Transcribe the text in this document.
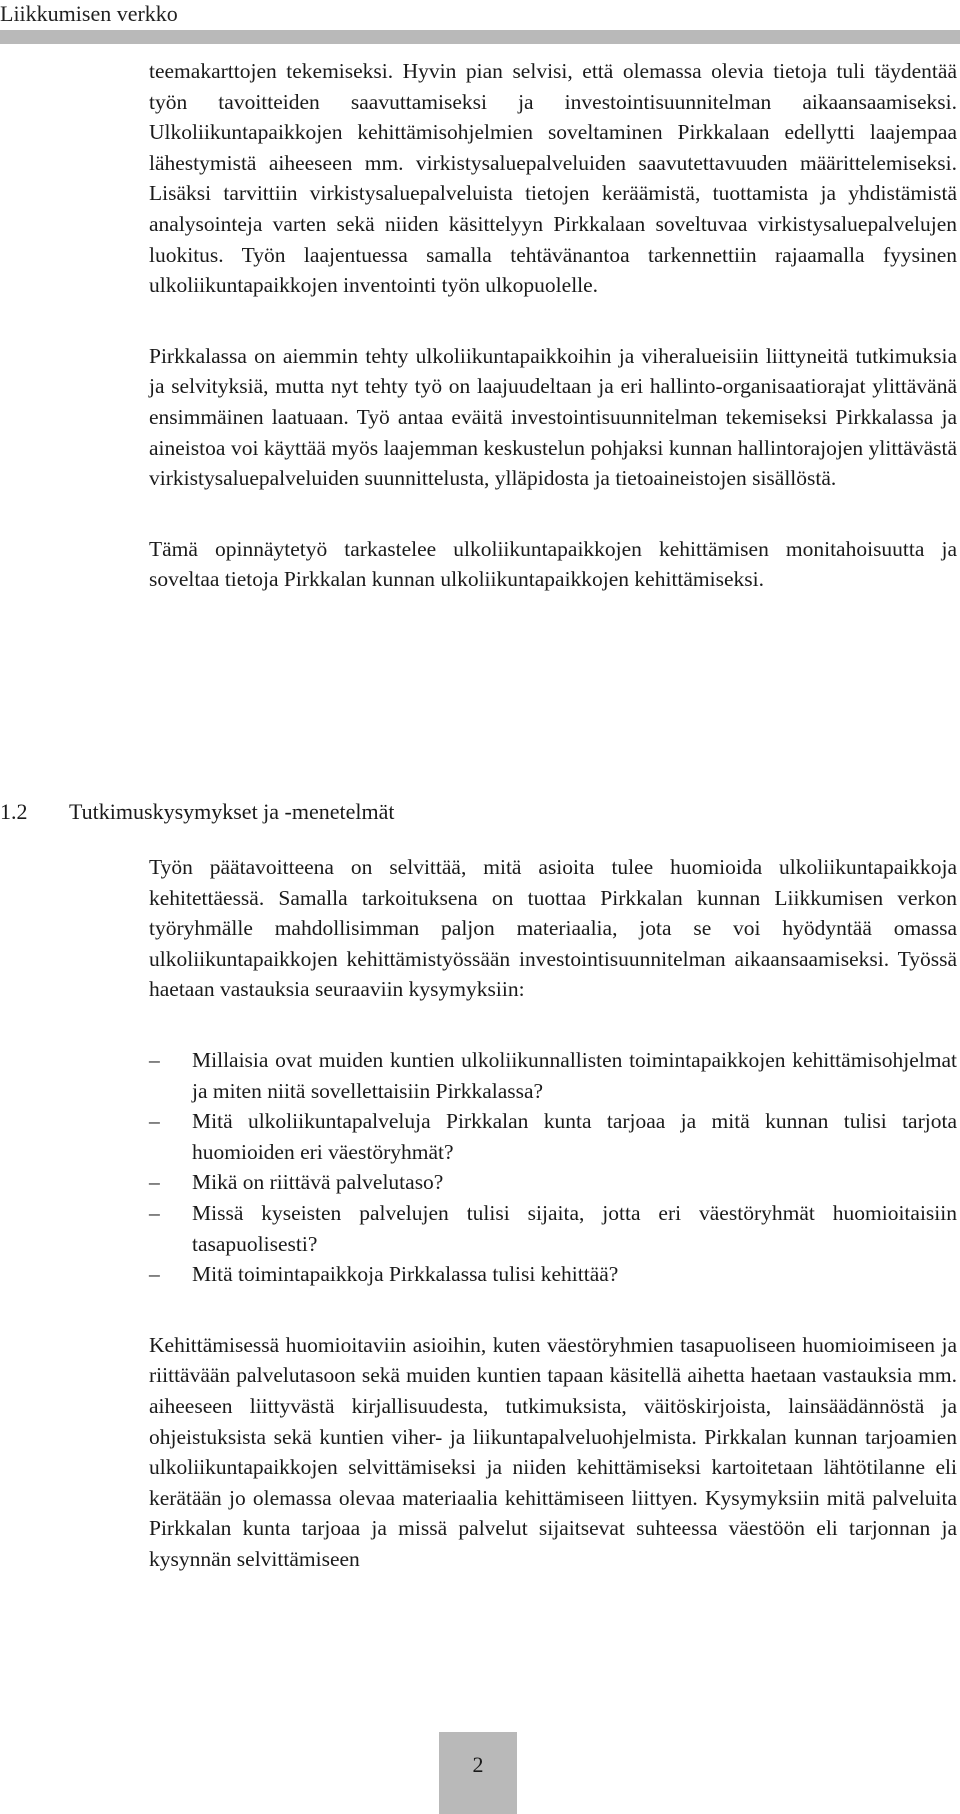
Liikkumisen verkko

teemakarttojen tekemiseksi. Hyvin pian selvisi, että olemassa olevia tietoja tuli täydentää työn tavoitteiden saavuttamiseksi ja investointisuunnitelman aikaansaamiseksi. Ulkoliikuntapaikkojen kehittämisohjelmien soveltaminen Pirkkalaan edellytti laajempaa lähestymistä aiheeseen mm. virkistysaluepalveluiden saavutettavuuden määrittelemiseksi. Lisäksi tarvittiin virkistysaluepalveluista tietojen keräämistä, tuottamista ja yhdistämistä analysointeja varten sekä niiden käsittelyyn Pirkkalaan soveltuvaa virkistysaluepalvelujen luokitus. Työn laajentuessa samalla tehtävänantoa tarkennettiin rajaamalla fyysinen ulkoliikuntapaikkojen inventointi työn ulkopuolelle.

Pirkkalassa on aiemmin tehty ulkoliikuntapaikkoihin ja viheralueisiin liittyneitä tutkimuksia ja selvityksiä, mutta nyt tehty työ on laajuudeltaan ja eri hallinto-organisaatiorajat ylittävänä ensimmäinen laatuaan. Työ antaa eväitä investointisuunnitelman tekemiseksi Pirkkalassa ja aineistoa voi käyttää myös laajemman keskustelun pohjaksi kunnan hallintorajojen ylittävästä virkistysaluepalveluiden suunnittelusta, ylläpidosta ja tietoaineistojen sisällöstä.

Tämä opinnäytetyö tarkastelee ulkoliikuntapaikkojen kehittämisen monitahoisuutta ja soveltaa tietoja Pirkkalan kunnan ulkoliikuntapaikkojen kehittämiseksi.

1.2 Tutkimuskysymykset ja -menetelmät

Työn päätavoitteena on selvittää, mitä asioita tulee huomioida ulkoliikuntapaikkoja kehitettäessä. Samalla tarkoituksena on tuottaa Pirkkalan kunnan Liikkumisen verkon työryhmälle mahdollisimman paljon materiaalia, jota se voi hyödyntää omassa ulkoliikuntapaikkojen kehittämistyössään investointisuunnitelman aikaansaamiseksi. Työssä haetaan vastauksia seuraaviin kysymyksiin:

– Millaisia ovat muiden kuntien ulkoliikunnallisten toimintapaikkojen kehittämisohjelmat ja miten niitä sovellettaisiin Pirkkalassa?
– Mitä ulkoliikuntapalveluja Pirkkalan kunta tarjoaa ja mitä kunnan tulisi tarjota huomioiden eri väestöryhmät?
– Mikä on riittävä palvelutaso?
– Missä kyseisten palvelujen tulisi sijaita, jotta eri väestöryhmät huomioitaisiin tasapuolisesti?
– Mitä toimintapaikkoja Pirkkalassa tulisi kehittää?

Kehittämisessä huomioitaviin asioihin, kuten väestöryhmien tasapuoliseen huomioimiseen ja riittävään palvelutasoon sekä muiden kuntien tapaan käsitellä aihetta haetaan vastauksia mm. aiheeseen liittyvästä kirjallisuudesta, tutkimuksista, väitöskirjoista, lainsäädännöstä ja ohjeistuksista sekä kuntien viher- ja liikuntapalveluohjelmista. Pirkkalan kunnan tarjoamien ulkoliikuntapaikkojen selvittämiseksi ja niiden kehittämiseksi kartoitetaan lähtötilanne eli kerätään jo olemassa olevaa materiaalia kehittämiseen liittyen. Kysymyksiin mitä palveluita Pirkkalan kunta tarjoaa ja missä palvelut sijaitsevat suhteessa väestöön eli tarjonnan ja kysynnän selvittämiseen

2
